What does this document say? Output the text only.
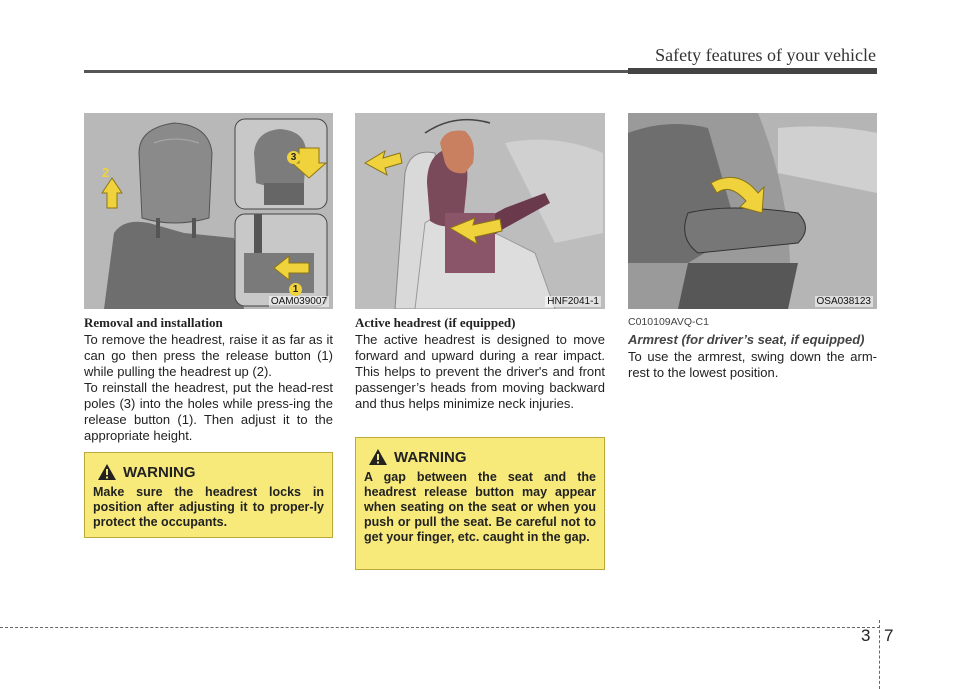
Safety features of your vehicle
2
3
1
OAM039007	HNF2041-1	OSA038123
Removal and installation

To remove the headrest, raise it as far as it can go then press the release button (1) while pulling the headrest up (2).

To reinstall the headrest, put the head-rest poles (3) into the holes while press-ing the release button (1). Then adjust it to the appropriate height.

WARNING
Make sure the headrest locks in position after adjusting it to proper-ly protect the occupants.
Active headrest (if equipped)

The active headrest is designed to move forward and upward during a rear impact. This helps to prevent the driver's and front passenger’s heads from moving backward and thus helps minimize neck injuries.

WARNING
A gap between the seat and the headrest release button may appear when seating on the seat or when you push or pull the seat. Be careful not to get your finger, etc. caught in the gap.
C010109AVQ-C1
Armrest (for driver’s seat, if equipped)

To use the armrest, swing down the arm-rest to the lowest position.

3 7
